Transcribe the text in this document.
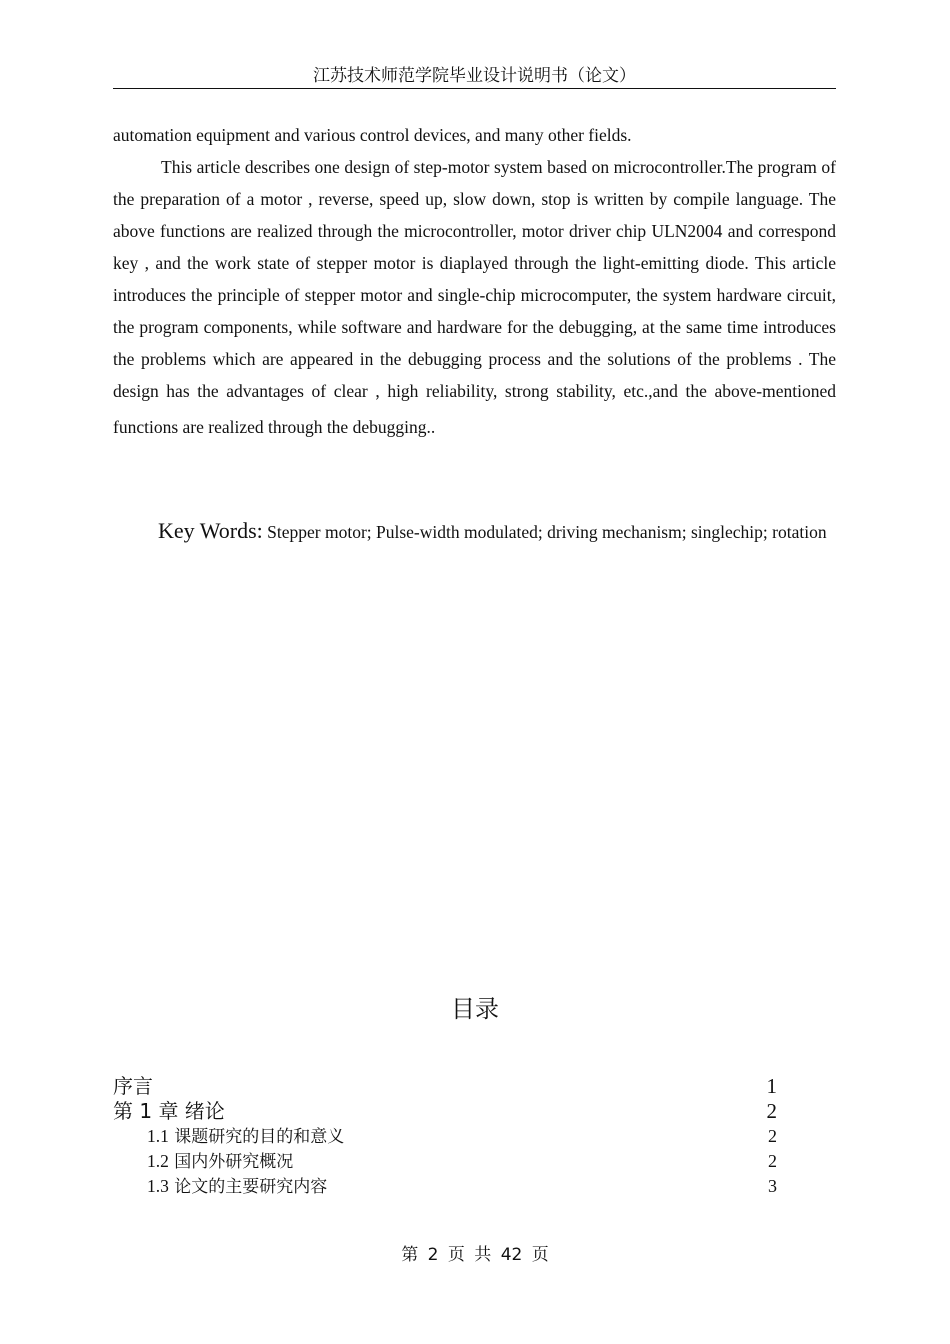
江苏技术师范学院毕业设计说明书（论文）
automation equipment and various control devices, and many other fields.
This article describes one design of step-motor system based on microcontroller.The program of the preparation of a motor , reverse, speed up, slow down, stop is written by compile language. The above functions are realized through the microcontroller, motor driver chip ULN2004 and correspond key , and the work state of stepper motor is diaplayed through the light-emitting diode. This article introduces the principle of stepper motor and single-chip microcomputer, the system hardware circuit, the program components, while software and hardware for the debugging, at the same time introduces the problems which are appeared in the debugging process and the solutions of the problems . The design has the advantages of clear , high reliability, strong stability, etc.,and the above-mentioned functions are realized through the debugging..
Key Words: Stepper motor; Pulse-width modulated; driving mechanism; singlechip; rotation
目录
序言	1
第 1 章 绪论	2
1.1 课题研究的目的和意义	2
1.2 国内外研究概况	2
1.3 论文的主要研究内容	3
第 2 页 共 42 页
